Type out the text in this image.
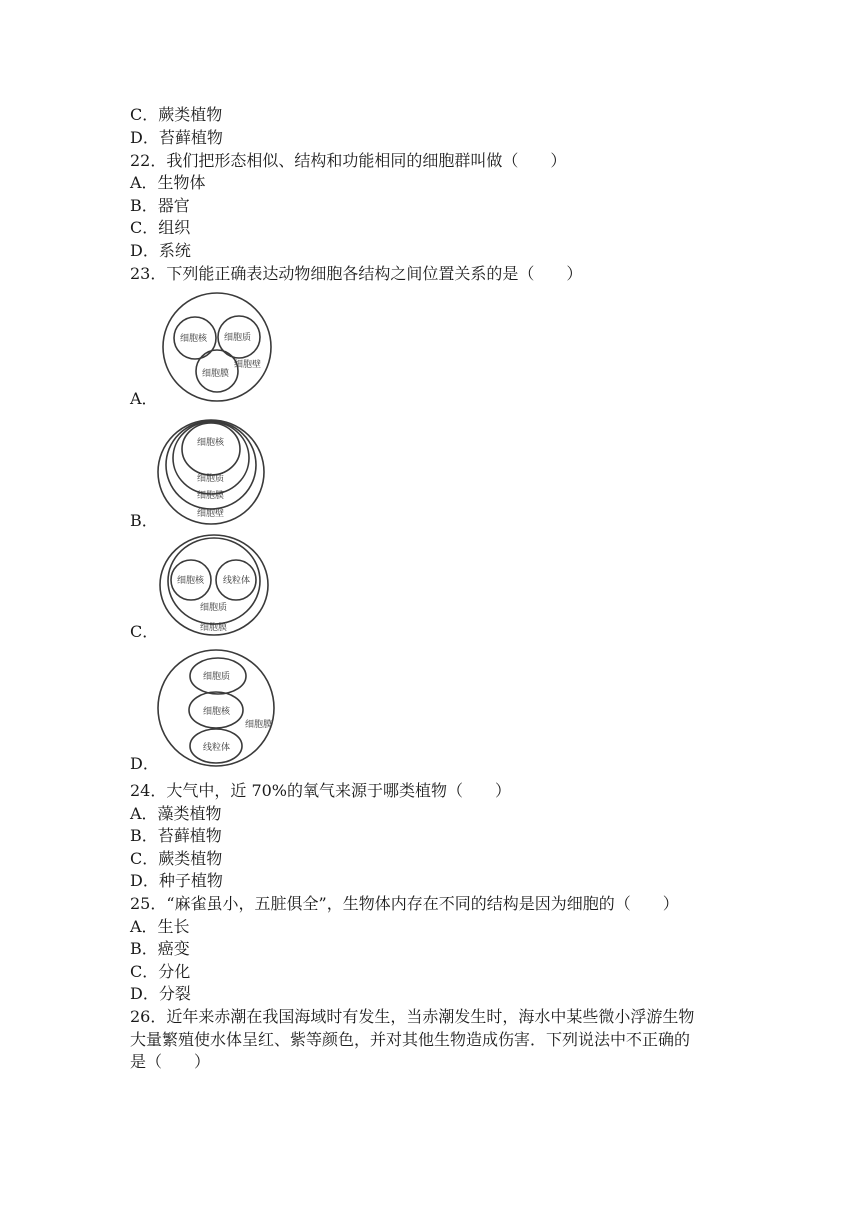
C．蕨类植物
D．苔藓植物
22．我们把形态相似、结构和功能相同的细胞群叫做（　　）
A．生物体
B．器官
C．组织
D．系统
23．下列能正确表达动物细胞各结构之间位置关系的是（　　）
细胞核 细胞质
细胞膜
细胞壁
A．
细胞核
细胞质
细胞膜
细胞壁
B．
细胞核 线粒体
细胞质
细胞膜
C．
细胞质
细胞核
线粒体
细胞膜
D．
24．大气中，近 70%的氧气来源于哪类植物（　　）
A．藻类植物
B．苔藓植物
C．蕨类植物
D．种子植物
25．“麻雀虽小，五脏俱全”，生物体内存在不同的结构是因为细胞的（　　）
A．生长
B．癌变
C．分化
D．分裂
26．近年来赤潮在我国海域时有发生，当赤潮发生时，海水中某些微小浮游生物
大量繁殖使水体呈红、紫等颜色，并对其他生物造成伤害．下列说法中不正确的
是（　　）
